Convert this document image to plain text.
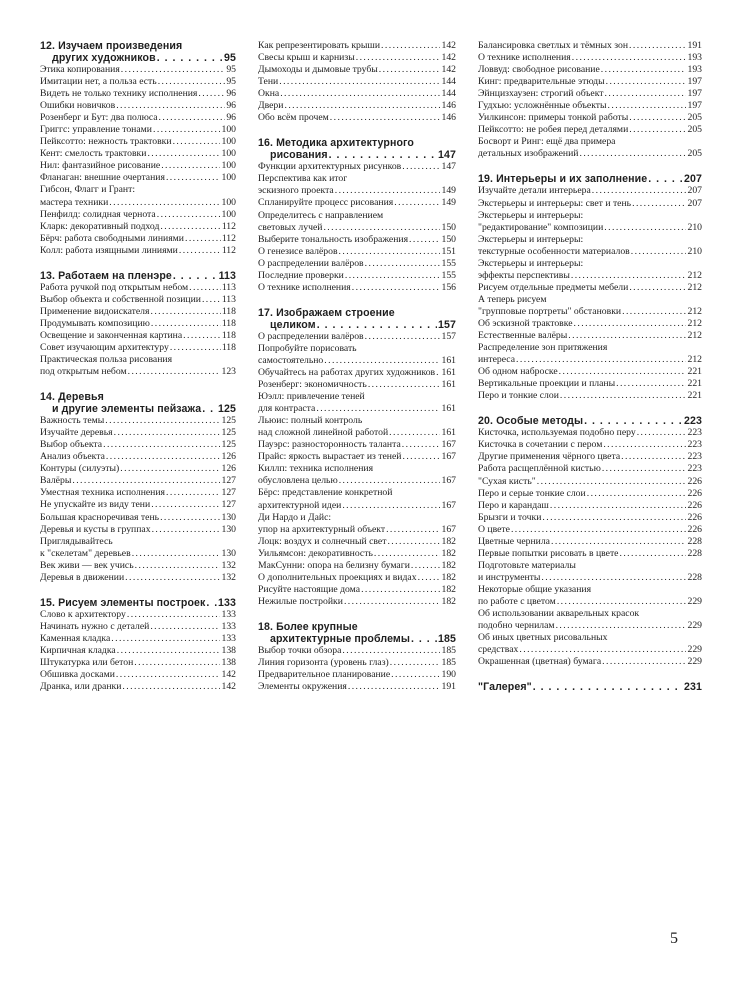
12. Изучаем произведения
других художников . . .	95
Этика копирования . . .	95
Имитации нет, а польза есть . . .	95
Видеть не только технику исполнения . . .	96
Ошибки новичков . . .	96
Розенберг и Бут: два полюса . . .	96
Григгс: управление тонами . . .	100
Пейксотто: нежность трактовки . . .	100
Кент: смелость трактовки . . .	100
Нил: фантазийное рисование . . .	100
Фланаган: внешние очертания . . .	100
Гибсон, Флагг и Грант:
мастера техники . . .	100
Пенфилд: солидная чернота . . .	100
Кларк: декоративный подход . . .	112
Бёрч: работа свободными линиями . . .	112
Колл: работа изящными линиями . . .	112
13. Работаем на пленэре . . .	113
Работа ручкой под открытым небом . . .	113
Выбор объекта и собственной позиции . . . 113
Применение видоискателя . . .	118
Продумывать композицию . . .	118
Освещение и законченная картина . . .	118
Совет изучающим архитектуру . . .	118
Практическая польза рисования
под открытым небом . . .	123
14. Деревья
и другие элементы пейзажа . . . 125
Важность темы . . .	125
Изучайте деревья . . .	125
Выбор объекта . . .	125
Анализ объекта . . .	126
Контуры (силуэты) . . .	126
Валёры . . .	127
Уместная техника исполнения . . .	127
Не упускайте из виду тени . . .	127
Большая красноречивая тень . . .	130
Деревья и кусты в группах . . .	130
Приглядывайтесь
к "скелетам" деревьев . . .	130
Век живи — век учись . . .	132
Деревья в движении . . .	132
15. Рисуем элементы построек . . . 133
Слово к архитектору . . .	133
Начинать нужно с деталей . . .	133
Каменная кладка . . .	133
Кирпичная кладка . . .	138
Штукатурка или бетон . . .	138
Обшивка досками . . .	142
Дранка, или дранки . . .	142
Как репрезентировать крыши . . .	142
Свесы крыш и карнизы . . .	142
Дымоходы и дымовые трубы . . .	142
Тени . . .	144
Окна . . .	144
Двери . . .	146
Обо всём прочем . . .	146
16. Методика архитектурного
рисования . . .	147
Функции архитектурных рисунков . . .	147
Перспектива как итог
эскизного проекта . . .	149
Спланируйте процесс рисования . . .	149
Определитесь с направлением
световых лучей . . .	150
Выберите тональность изображения . . .	150
О генезисе валёров . . .	151
О распределении валёров . . .	155
Последние проверки . . .	155
О технике исполнения . . .	156
17. Изображаем строение
целиком . . .	157
О распределении валёров . . .	157
Попробуйте порисовать
самостоятельно . . .	161
Обучайтесь на работах других художников . . . 161
Розенберг: экономичность . . .	161
Юэлл: привлечение теней
для контраста . . .	161
Льюис: полный контроль
над сложной линейной работой . . .	161
Пауэрс: разносторонность таланта . . .	167
Прайс: яркость вырастает из теней . . .	167
Киллп: техника исполнения
обусловлена целью . . .	167
Бёрс: представление конкретной
архитектурной идеи . . .	167
Ди Нардо и Дайс:
упор на архитектурный объект . . .	167
Лоцк: воздух и солнечный свет . . .	182
Уильямсон: декоративность . . .	182
МакСунни: опора на белизну бумаги . . .	182
О дополнительных проекциях и видах . . .	182
Рисуйте настоящие дома . . .	182
Нежилые постройки . . .	182
18. Более крупные
архитектурные проблемы . . .	185
Выбор точки обзора . . .	185
Линия горизонта (уровень глаз) . . .	185
Предварительное планирование . . .	190
Элементы окружения . . .	191
Балансировка светлых и тёмных зон . . .	191
О технике исполнения . . .	193
Ловвуд: свободное рисование . . .	193
Кинг: предварительные этюды . . .	197
Эйнцизхаузен: строгий объект . . .	197
Гудхью: усложнённые объекты . . .	197
Уилкинсон: примеры тонкой работы . . .	205
Пейксотто: не робея перед деталями . . .	205
Босворт и Ринг: ещё два примера
детальных изображений . . .	205
19. Интерьеры и их заполнение . . .	207
Изучайте детали интерьера . . .	207
Экстерьеры и интерьеры: свет и тень . . .	207
Экстерьеры и интерьеры:
"редактирование" композиции . . .	210
Экстерьеры и интерьеры:
текстурные особенности материалов . . .	210
Экстерьеры и интерьеры:
эффекты перспективы . . .	212
Рисуем отдельные предметы мебели . . .	212
А теперь рисуем
"групповые портреты" обстановки . . .	212
Об эскизной трактовке . . .	212
Естественные валёры . . .	212
Распределение зон притяжения
интереса . . .	212
Об одном наброске . . .	221
Вертикальные проекции и планы . . .	221
Перо и тонкие слои . . .	221
20. Особые методы . . .	223
Кисточка, используемая подобно перу . . .	223
Кисточка в сочетании с пером . . .	223
Другие применения чёрного цвета . . .	223
Работа расщеплённой кистью . . .	223
"Сухая кисть" . . .	226
Перо и серые тонкие слои . . .	226
Перо и карандаш . . .	226
Брызги и точки . . .	226
О цвете . . .	226
Цветные чернила . . .	228
Первые попытки рисовать в цвете . . .	228
Подготовьте материалы
и инструменты . . .	228
Некоторые общие указания
по работе с цветом . . .	229
Об использовании акварельных красок
подобно чернилам . . .	229
Об иных цветных рисовальных
средствах . . .	229
Окрашенная (цветная) бумага . . .	229
"Галерея" . . .	231
5
